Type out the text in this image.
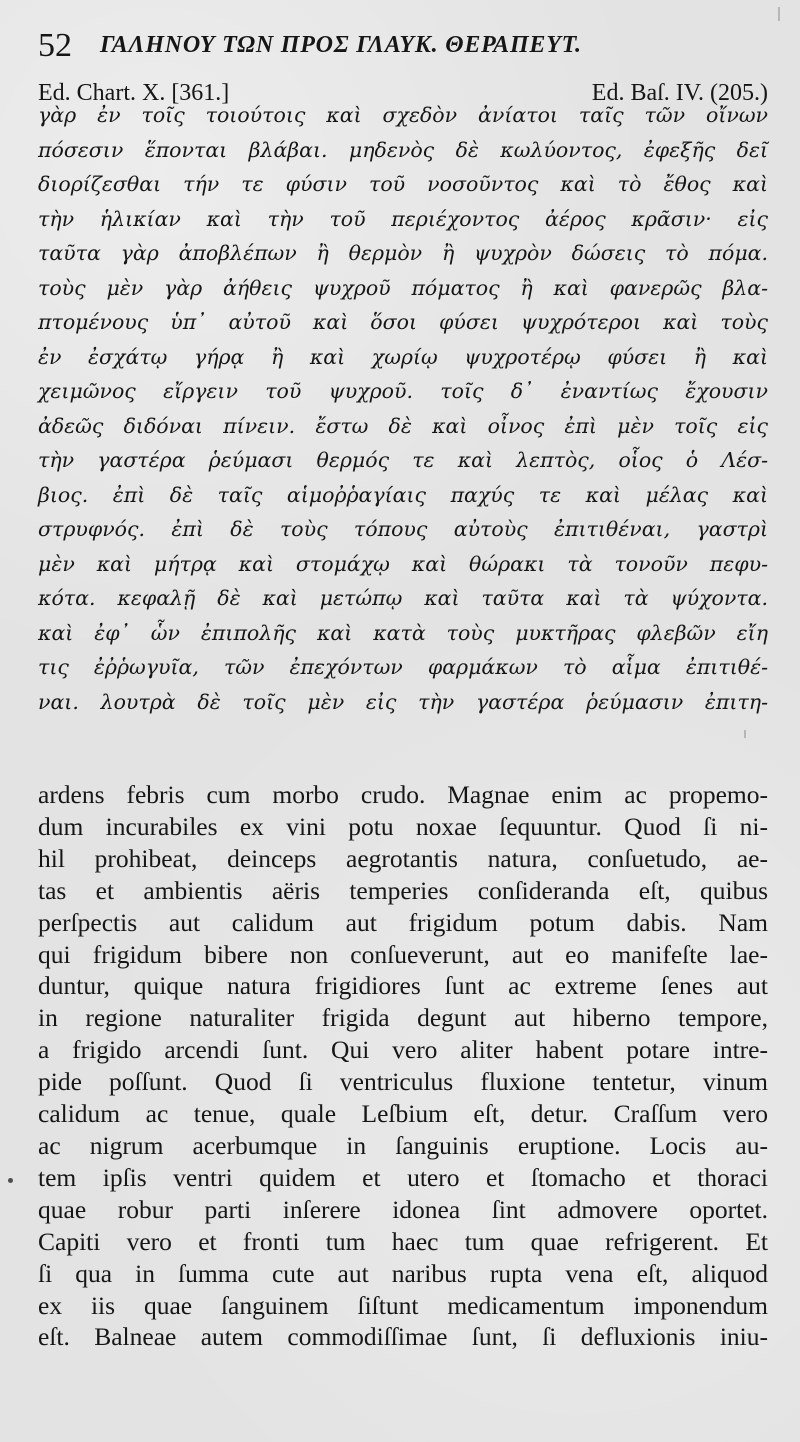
52 ΓΑΛΗΝΟΥ ΤΩΝ ΠΡΟΣ ΓΛΑΥΚ. ΘΕΡΑΠΕΥΤ.
Ed. Chart. X. [361.]	Ed. Baſ. IV. (205.)
γὰρ ἐν τοῖς τοιούτοις καὶ σχεδὸν ἀνίατοι ταῖς τῶν οἴνων
πόσεσιν ἕπονται βλάβαι. μηδενὸς δὲ κωλύοντος, ἐφεξῆς δεῖ
διορίζεσθαι τήν τε φύσιν τοῦ νοσοῦντος καὶ τὸ ἔθος καὶ
τὴν ἡλικίαν καὶ τὴν τοῦ περιέχοντος ἀέρος κρᾶσιν· εἰς
ταῦτα γὰρ ἀποβλέπων ἢ θερμὸν ἢ ψυχρὸν δώσεις τὸ πόμα.
τοὺς μὲν γὰρ ἀήθεις ψυχροῦ πόματος ἢ καὶ φανερῶς βλα-
πτομένους ὑπ᾽ αὐτοῦ καὶ ὅσοι φύσει ψυχρότεροι καὶ τοὺς
ἐν ἐσχάτῳ γήρᾳ ἢ καὶ χωρίῳ ψυχροτέρῳ φύσει ἢ καὶ
χειμῶνος εἴργειν τοῦ ψυχροῦ. τοῖς δ᾽ ἐναντίως ἔχουσιν
ἀδεῶς διδόναι πίνειν. ἔστω δὲ καὶ οἶνος ἐπὶ μὲν τοῖς εἰς
τὴν γαστέρα ῥεύμασι θερμός τε καὶ λεπτὸς, οἷος ὁ Λέσ-
βιος. ἐπὶ δὲ ταῖς αἱμοῤῥαγίαις παχύς τε καὶ μέλας καὶ
στρυφνός. ἐπὶ δὲ τοὺς τόπους αὐτοὺς ἐπιτιθέναι, γαστρὶ
μὲν καὶ μήτρᾳ καὶ στομάχῳ καὶ θώρακι τὰ τονοῦν πεφυ-
κότα. κεφαλῇ δὲ καὶ μετώπῳ καὶ ταῦτα καὶ τὰ ψύχοντα.
καὶ ἐφ᾽ ὧν ἐπιπολῆς καὶ κατὰ τοὺς μυκτῆρας φλεβῶν εἴη
τις ἐῤῥωγυῖα, τῶν ἐπεχόντων φαρμάκων τὸ αἷμα ἐπιτιθέ-
ναι. λουτρὰ δὲ τοῖς μὲν εἰς τὴν γαστέρα ῥεύμασιν ἐπιτη-
ardens febris cum morbo crudo. Magnae enim ac propemo-
dum incurabiles ex vini potu noxae ſequuntur. Quod ſi ni-
hil prohibeat, deinceps aegrotantis natura, conſuetudo, ae-
tas et ambientis aëris temperies conſideranda eſt, quibus
perſpectis aut calidum aut frigidum potum dabis. Nam
qui frigidum bibere non conſueverunt, aut eo manifeſte lae-
duntur, quique natura frigidiores ſunt ac extreme ſenes aut
in regione naturaliter frigida degunt aut hiberno tempore,
a frigido arcendi ſunt. Qui vero aliter habent potare intre-
pide poſſunt. Quod ſi ventriculus fluxione tentetur, vinum
calidum ac tenue, quale Leſbium eſt, detur. Craſſum vero
ac nigrum acerbumque in ſanguinis eruptione. Locis au-
tem ipſis ventri quidem et utero et ſtomacho et thoraci
quae robur parti inſerere idonea ſint admovere oportet.
Capiti vero et fronti tum haec tum quae refrigerent. Et
ſi qua in ſumma cute aut naribus rupta vena eſt, aliquod
ex iis quae ſanguinem ſiſtunt medicamentum imponendum
eſt. Balneae autem commodiſſimae ſunt, ſi defluxionis iniu-
